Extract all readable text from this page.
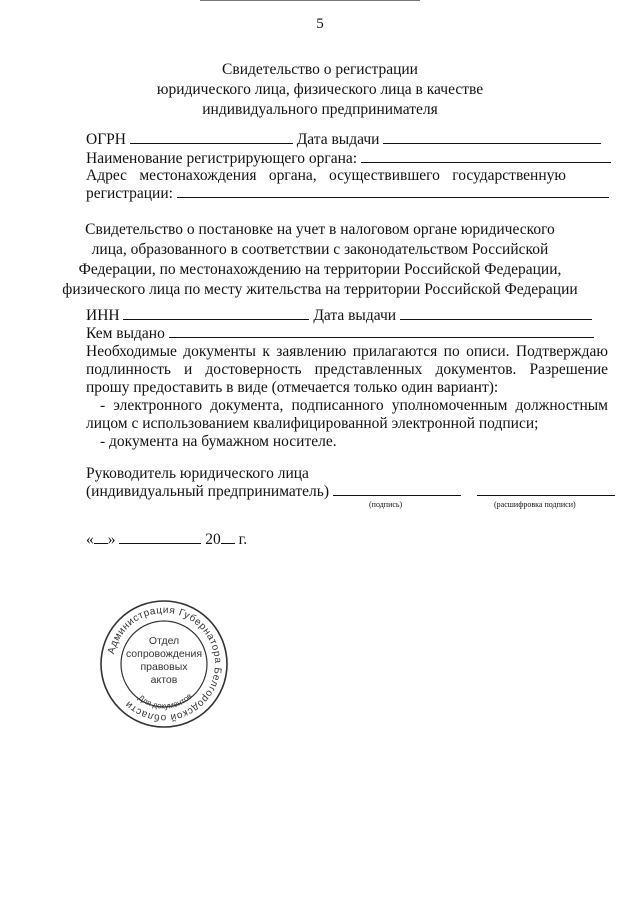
5
Свидетельство о регистрации
юридического лица, физического лица в качестве
индивидуального предпринимателя
ОГРН	Дата выдачи
Наименование регистрирующего органа:
Адрес местонахождения органа, осуществившего государственную
регистрации:
Свидетельство о постановке на учет в налоговом органе юридического
лица, образованного в соответствии с законодательством Российской
Федерации, по местонахождению на территории Российской Федерации,
физического лица по месту жительства на территории Российской Федерации
ИНН	Дата выдачи
Кем выдано
Необходимые документы к заявлению прилагаются по описи. Подтверждаю
подлинность и достоверность представленных документов. Разрешение
прошу предоставить в виде (отмечается только один вариант):
- электронного документа, подписанного уполномоченным должностным
лицом с использованием квалифицированной электронной подписи;
- документа на бумажном носителе.
Руководитель юридического лица
(индивидуальный предприниматель)
(подпись)	(расшифровка подписи)
« »	20 г.
Администрация Губернатора Белгородской области
Отдел
сопровождения
правовых
актов
Для документов
